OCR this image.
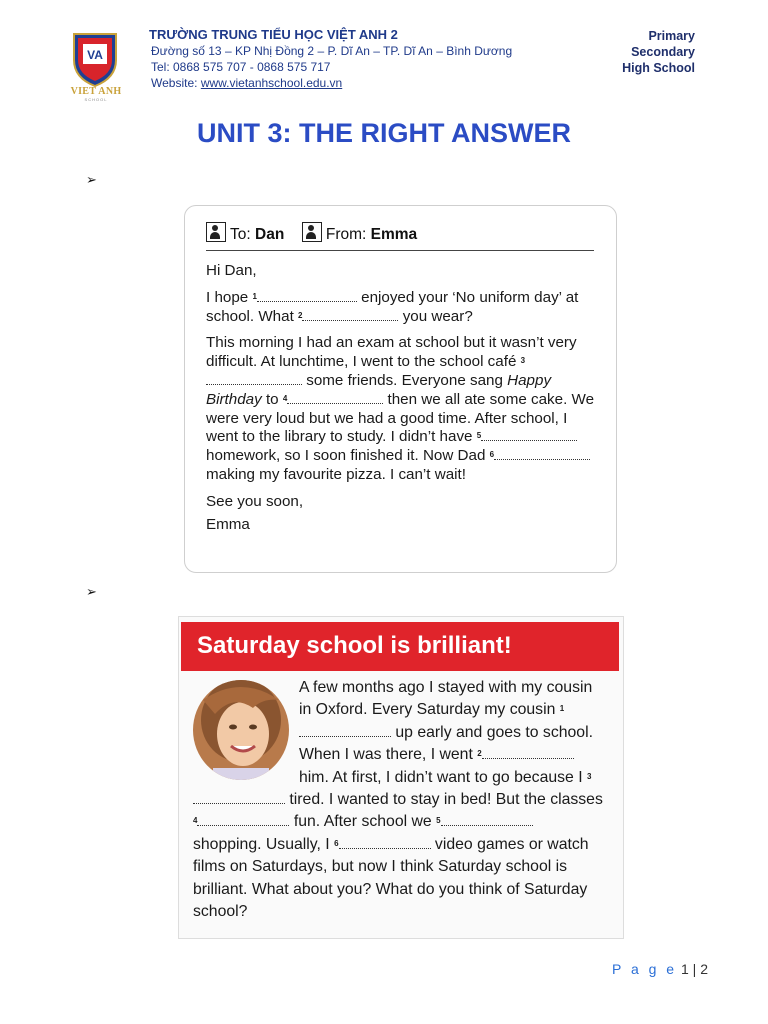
VA
VIET ANH
SCHOOL
TRƯỜNG TRUNG TIỂU HỌC VIỆT ANH 2
Đường số 13 – KP Nhị Đồng 2 – P. Dĩ An – TP. Dĩ An – Bình Dương
Tel: 0868 575 707 - 0868 575 717
Website: www.vietanhschool.edu.vn
Primary
Secondary
High School
UNIT 3: THE RIGHT ANSWER
➢
To: Dan	From: Emma

Hi Dan,

I hope $^1$	enjoyed your ‘No uniform day’ at school. What $^2$	you wear?

This morning I had an exam at school but it wasn’t very difficult. At lunchtime, I went to the school café $^3$ some friends. Everyone sang Happy Birthday to $^4$	then we all ate some cake. We were very loud but we had a good time. After school, I went to the library to study. I didn’t have $^5$ homework, so I soon finished it. Now Dad $^6$ making my favourite pizza. I can’t wait!

See you soon,

Emma

➢
Saturday school is brilliant!
A few months ago I stayed with my cousin in Oxford. Every Saturday my cousin $^1$ up early and goes to school. When I was there, I went $^2$ him. At first, I didn’t want to go because I $^3$ tired. I wanted to stay in bed! But the classes $^4$	fun. After school we $^5$ shopping. Usually, I $^6$	video games or watch films on Saturdays, but now I think Saturday school is brilliant. What about you? What do you think of Saturday school?
P a g e 1 | 2
